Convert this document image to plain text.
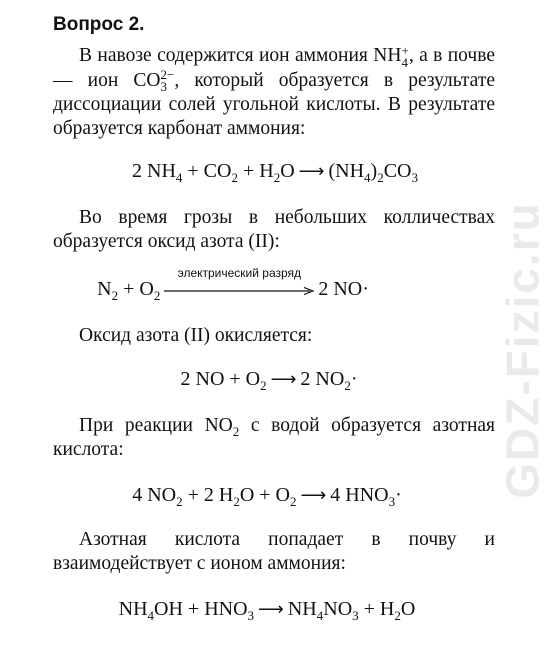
GDZ-Fizic.ru
Вопрос 2.

В навозе содержится ион аммония NH +
4 , а в почве — ион CO 2−
3 , который образуется в результате диссоциации солей угольной кислоты. В результате образуется карбонат аммония:

2 $NH_4 + CO_2 + H_2O$ ⟶ $(NH_4)_2CO_3$

Во время грозы в небольших колличествах образуется оксид азота (II):

$N_2 + O_2$
электрический разряд
2 NO·

Оксид азота (II) окисляется:

2 NO + $O_2$ ⟶ 2 $NO_2\cdot$

При реакции $NO_2$ с водой образуется азотная кислота:

4 $NO_2 + 2$ $H_2O + O_2$ ⟶ 4 $HNO_3\cdot$

Азотная кислота попадает в почву и взаимодействует с ионом аммония:

$NH_4OH + HNO_3$ ⟶ $NH_4NO_3 + H_2O$
